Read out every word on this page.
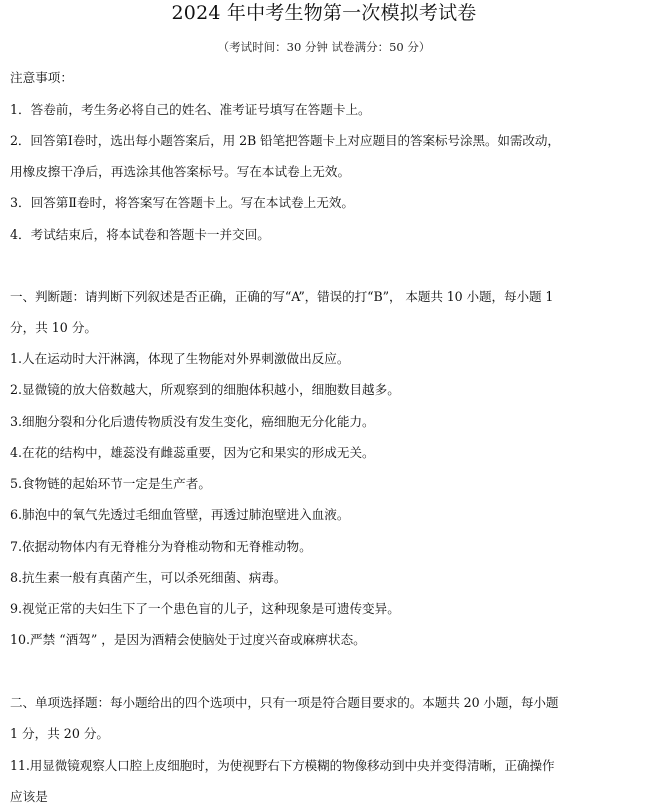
2024 年中考生物第一次模拟考试卷
（考试时间：30 分钟 试卷满分：50 分）
注意事项：
1．答卷前，考生务必将自己的姓名、准考证号填写在答题卡上。
2．回答第Ⅰ卷时，选出每小题答案后，用 2B 铅笔把答题卡上对应题目的答案标号涂黑。如需改动，
用橡皮擦干净后，再选涂其他答案标号。写在本试卷上无效。
3．回答第Ⅱ卷时，将答案写在答题卡上。写在本试卷上无效。
4．考试结束后，将本试卷和答题卡一并交回。
一、判断题：请判断下列叙述是否正确，正确的写“A”，错误的打“B”， 本题共 10 小题，每小题 1
分，共 10 分。
1.人在运动时大汗淋漓，体现了生物能对外界刺激做出反应。
2.显微镜的放大倍数越大，所观察到的细胞体积越小，细胞数目越多。
3.细胞分裂和分化后遗传物质没有发生变化，癌细胞无分化能力。
4.在花的结构中，雄蕊没有雌蕊重要，因为它和果实的形成无关。
5.食物链的起始环节一定是生产者。
6.肺泡中的氧气先透过毛细血管壁，再透过肺泡壁进入血液。
7.依据动物体内有无脊椎分为脊椎动物和无脊椎动物。
8.抗生素一般有真菌产生，可以杀死细菌、病毒。
9.视觉正常的夫妇生下了一个患色盲的儿子，这种现象是可遗传变异。
10.严禁 “酒驾” ，是因为酒精会使脑处于过度兴奋或麻痹状态。
二、单项选择题：每小题给出的四个选项中，只有一项是符合题目要求的。本题共 20 小题，每小题
1 分，共 20 分。
11.用显微镜观察人口腔上皮细胞时，为使视野右下方模糊的物像移动到中央并变得清晰，正确操作
应该是
